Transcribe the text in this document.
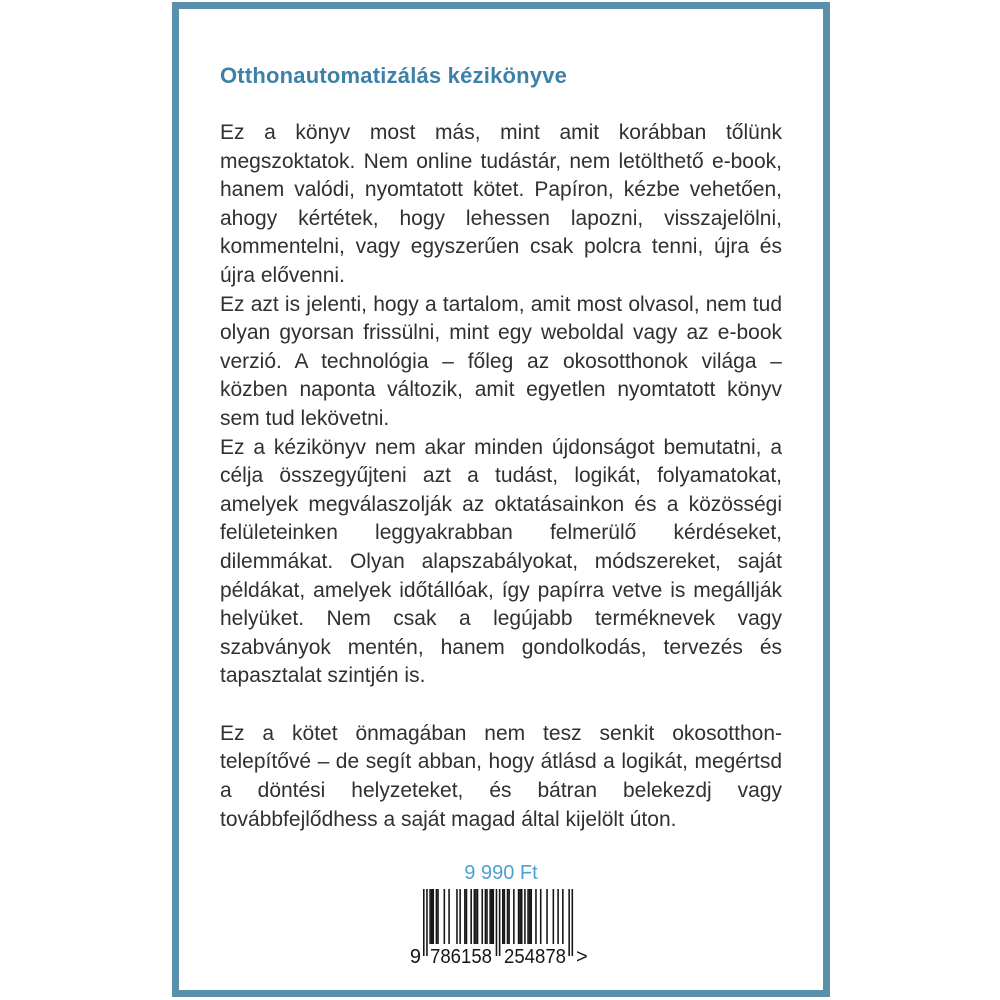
Otthonautomatizálás kézikönyve

Ez a könyv most más, mint amit korábban tőlünk megszoktatok. Nem online tudástár, nem letölthető e-book, hanem valódi, nyomtatott kötet. Papíron, kézbe vehetően, ahogy kértétek, hogy lehessen lapozni, visszajelölni, kommentelni, vagy egyszerűen csak polcra tenni, újra és újra elővenni.

Ez azt is jelenti, hogy a tartalom, amit most olvasol, nem tud olyan gyorsan frissülni, mint egy weboldal vagy az e-book verzió. A technológia – főleg az okosotthonok világa – közben naponta változik, amit egyetlen nyomtatott könyv sem tud lekövetni.

Ez a kézikönyv nem akar minden újdonságot bemutatni, a célja összegyűjteni azt a tudást, logikát, folyamatokat, amelyek megválaszolják az oktatásainkon és a közösségi felületeinken leggyakrabban felmerülő kérdéseket, dilemmákat. Olyan alapszabályokat, módszereket, saját példákat, amelyek időtállóak, így papírra vetve is megállják helyüket. Nem csak a legújabb terméknevek vagy szabványok mentén, hanem gondolkodás, tervezés és tapasztalat szintjén is.

Ez a kötet önmagában nem tesz senkit okosotthon-telepítővé – de segít abban, hogy átlásd a logikát, megértsd a döntési helyzeteket, és bátran belekezdj vagy továbbfejlődhess a saját magad által kijelölt úton.

9 990 Ft
9 786158 254878 >
